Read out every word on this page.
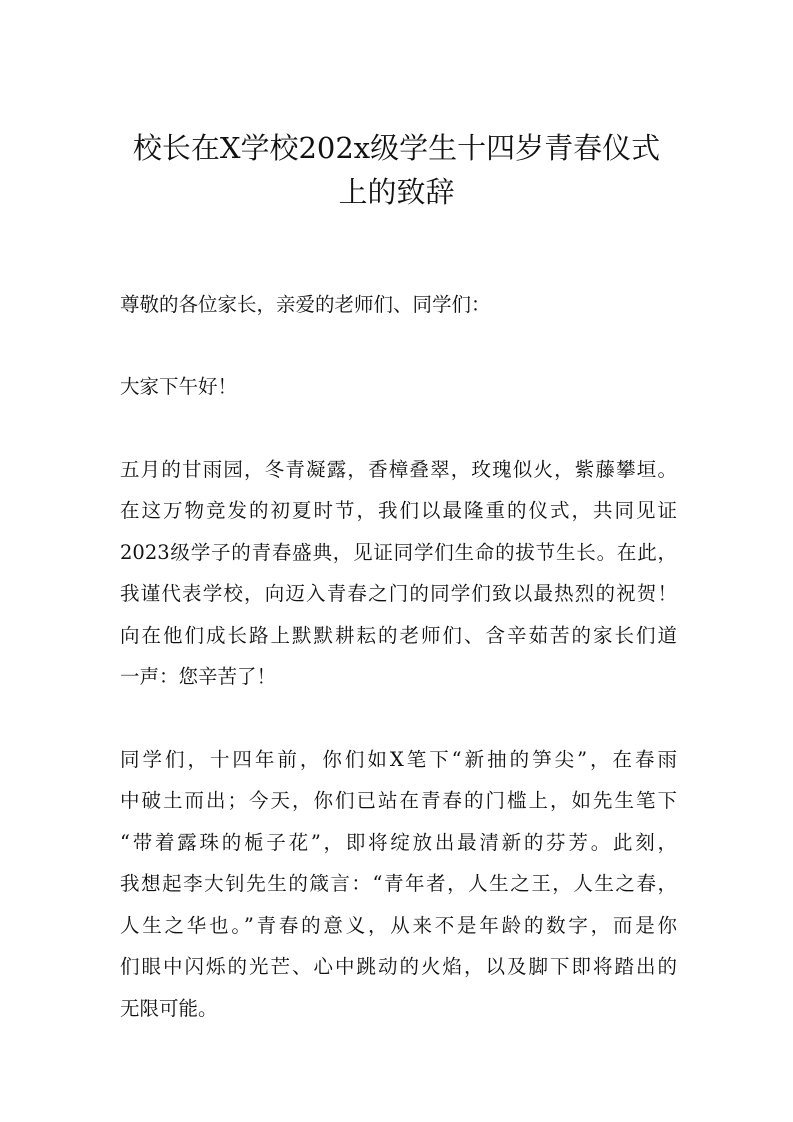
校长在X学校202x级学生十四岁青春仪式
上的致辞
尊敬的各位家长，亲爱的老师们、同学们：
大家下午好！
五月的甘雨园，冬青凝露，香樟叠翠，玫瑰似火，紫藤攀垣。
在这万物竞发的初夏时节，我们以最隆重的仪式，共同见证
2023级学子的青春盛典，见证同学们生命的拔节生长。在此，
我谨代表学校，向迈入青春之门的同学们致以最热烈的祝贺！
向在他们成长路上默默耕耘的老师们、含辛茹苦的家长们道
一声：您辛苦了！
同学们，十四年前，你们如X笔下“新抽的笋尖”，在春雨
中破土而出；今天，你们已站在青春的门槛上，如先生笔下
“带着露珠的栀子花”，即将绽放出最清新的芬芳。此刻，
我想起李大钊先生的箴言：“青年者，人生之王，人生之春，
人生之华也。”青春的意义，从来不是年龄的数字，而是你
们眼中闪烁的光芒、心中跳动的火焰，以及脚下即将踏出的
无限可能。
